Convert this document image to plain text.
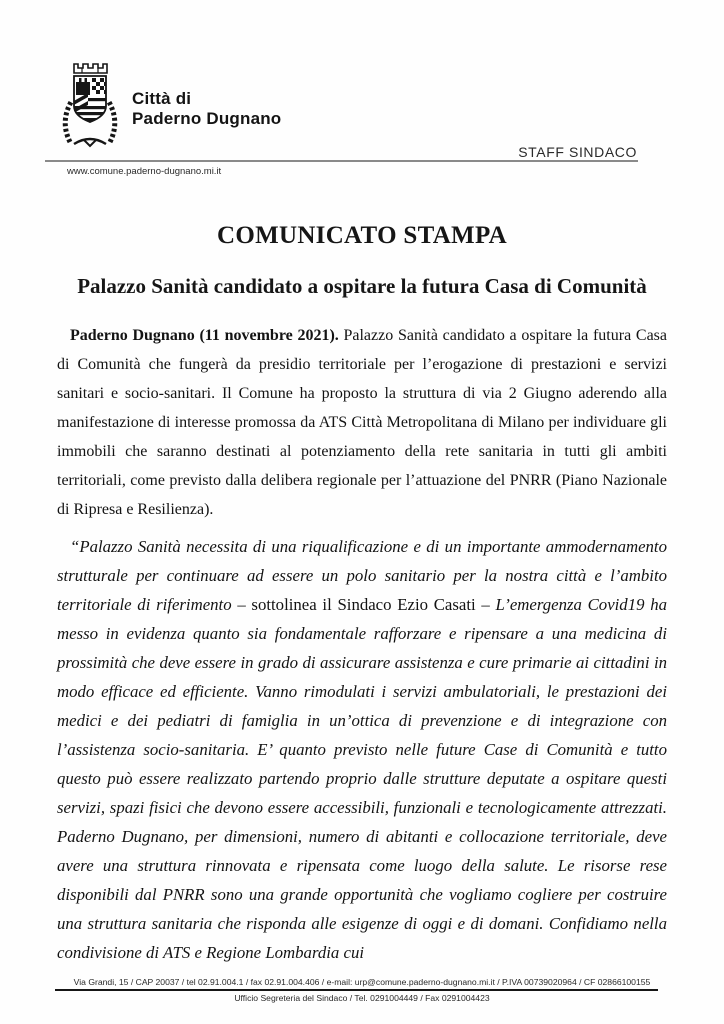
Città di
Paderno Dugnano
STAFF SINDACO
www.comune.paderno-dugnano.mi.it
COMUNICATO STAMPA
Palazzo Sanità candidato a ospitare la futura Casa di Comunità

Paderno Dugnano (11 novembre 2021). Palazzo Sanità candidato a ospitare la futura Casa di Comunità che fungerà da presidio territoriale per l’erogazione di prestazioni e servizi sanitari e socio-sanitari. Il Comune ha proposto la struttura di via 2 Giugno aderendo alla manifestazione di interesse promossa da ATS Città Metropolitana di Milano per individuare gli immobili che saranno destinati al potenziamento della rete sanitaria in tutti gli ambiti territoriali, come previsto dalla delibera regionale per l’attuazione del PNRR (Piano Nazionale di Ripresa e Resilienza).

“Palazzo Sanità necessita di una riqualificazione e di un importante ammodernamento strutturale per continuare ad essere un polo sanitario per la nostra città e l’ambito territoriale di riferimento – sottolinea il Sindaco Ezio Casati – L’emergenza Covid19 ha messo in evidenza quanto sia fondamentale rafforzare e ripensare a una medicina di prossimità che deve essere in grado di assicurare assistenza e cure primarie ai cittadini in modo efficace ed efficiente. Vanno rimodulati i servizi ambulatoriali, le prestazioni dei medici e dei pediatri di famiglia in un’ottica di prevenzione e di integrazione con l’assistenza socio-sanitaria. E’ quanto previsto nelle future Case di Comunità e tutto questo può essere realizzato partendo proprio dalle strutture deputate a ospitare questi servizi, spazi fisici che devono essere accessibili, funzionali e tecnologicamente attrezzati. Paderno Dugnano, per dimensioni, numero di abitanti e collocazione territoriale, deve avere una struttura rinnovata e ripensata come luogo della salute. Le risorse rese disponibili dal PNRR sono una grande opportunità che vogliamo cogliere per costruire una struttura sanitaria che risponda alle esigenze di oggi e di domani. Confidiamo nella condivisione di ATS e Regione Lombardia cui

Via Grandi, 15 / CAP 20037 / tel 02.91.004.1 / fax 02.91.004.406 / e-mail: urp@comune.paderno-dugnano.mi.it / P.IVA 00739020964 / CF 02866100155
Ufficio Segreteria del Sindaco / Tel. 0291004449 / Fax 0291004423
